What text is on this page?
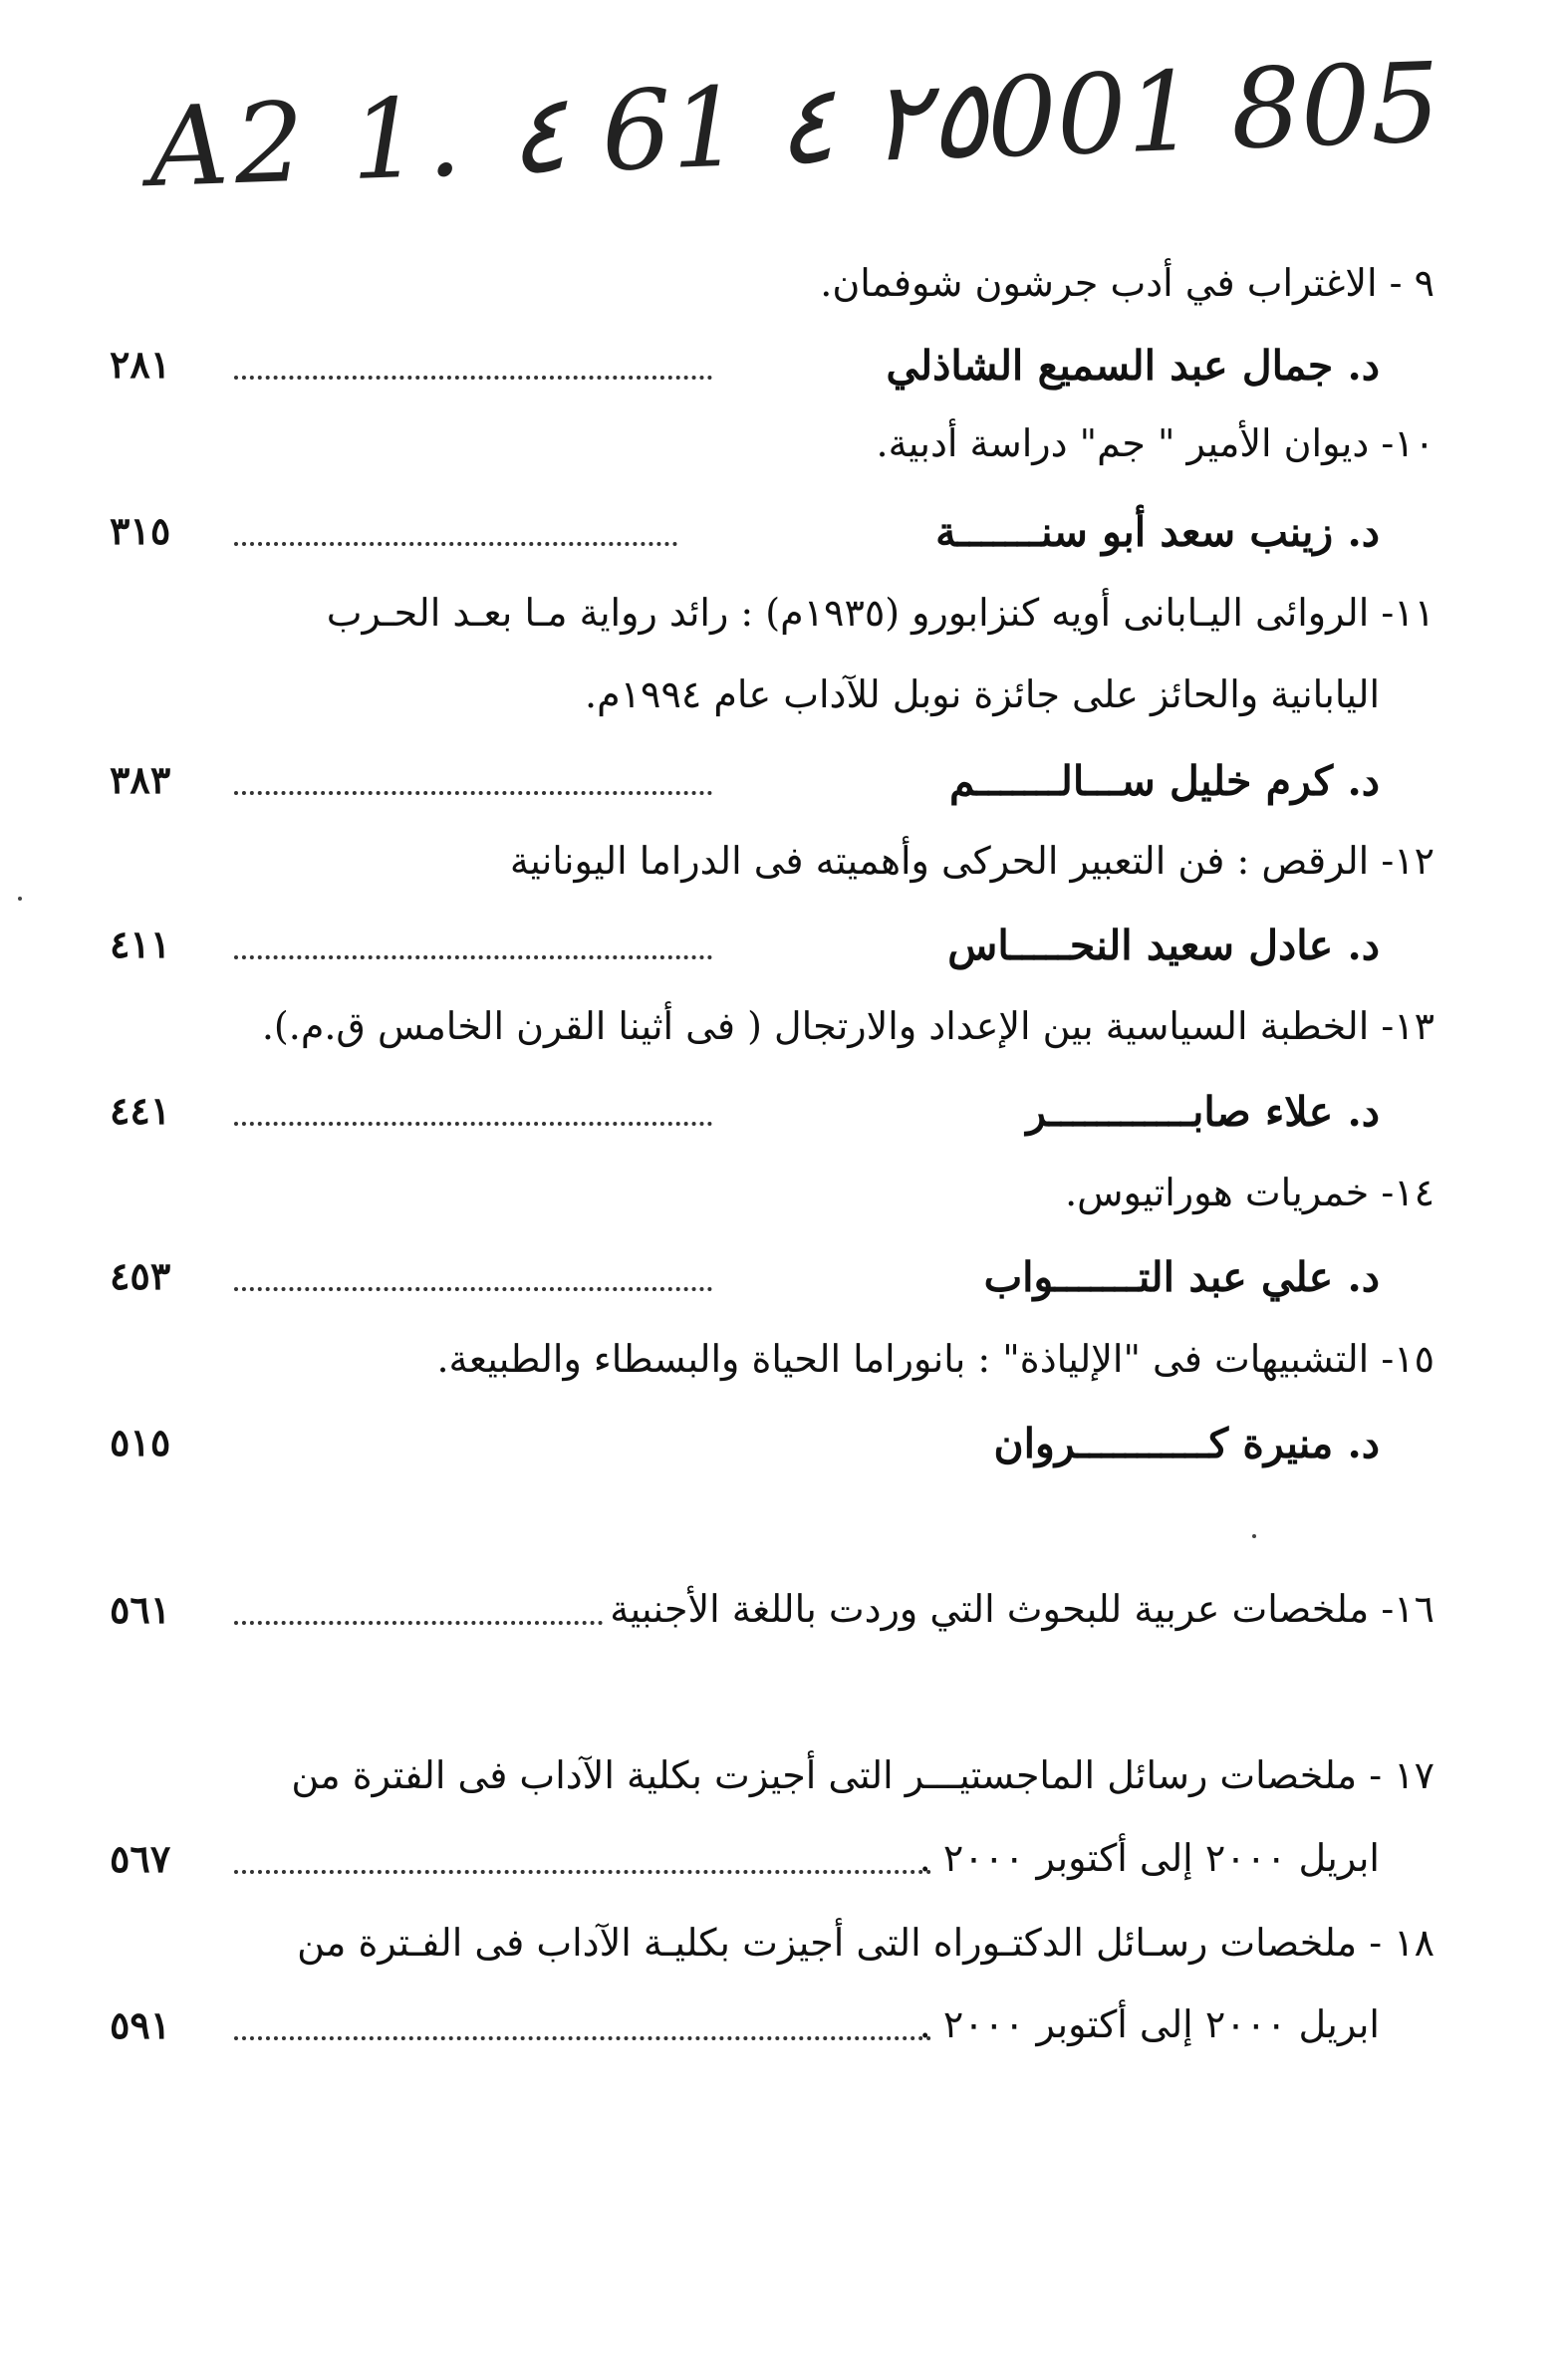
A2 1. ٤ 61 ٢٥ ٤001 805
٩ - الاغتراب في أدب جرشون شوفمان.
د. جمال عبد السميع الشاذلي
٢٨١
١٠- ديوان الأمير " جم" دراسة أدبية.
د. زينب سعد أبو سنـــــــة
٣١٥
١١- الروائى اليـابانى أويه كنزابورو (١٩٣٥م) : رائد رواية مـا بعـد الحـرب
اليابانية والحائز على جائزة نوبل للآداب عام ١٩٩٤م.
د. كرم خليل ســـالـــــــم
٣٨٣
١٢- الرقص : فن التعبير الحركى وأهميته فى الدراما اليونانية
د. عادل سعيد النحـــــاس
٤١١
١٣- الخطبة السياسية بين الإعداد والارتجال ( فى أثينا القرن الخامس ق.م.).
د. علاء صابــــــــــــر
٤٤١
١٤- خمريات هوراتيوس.
د. علي عبد التـــــــواب
٤٥٣
١٥- التشبيهات فى "الإلياذة" : بانوراما الحياة والبسطاء والطبيعة.
د. منيرة كـــــــــــروان
٥١٥
١٦- ملخصات عربية للبحوث التي وردت باللغة الأجنبية
٥٦١
١٧ - ملخصات رسائل الماجستيـــر التى أجيزت بكلية الآداب فى الفترة من
ابريل ٢٠٠٠ إلى أكتوبر ٢٠٠٠ .
٥٦٧
١٨ - ملخصات رسـائل الدكتـوراه التى أجيزت بكليـة الآداب فى الفـترة من
ابريل ٢٠٠٠ إلى أكتوبر ٢٠٠٠ .
٥٩١
